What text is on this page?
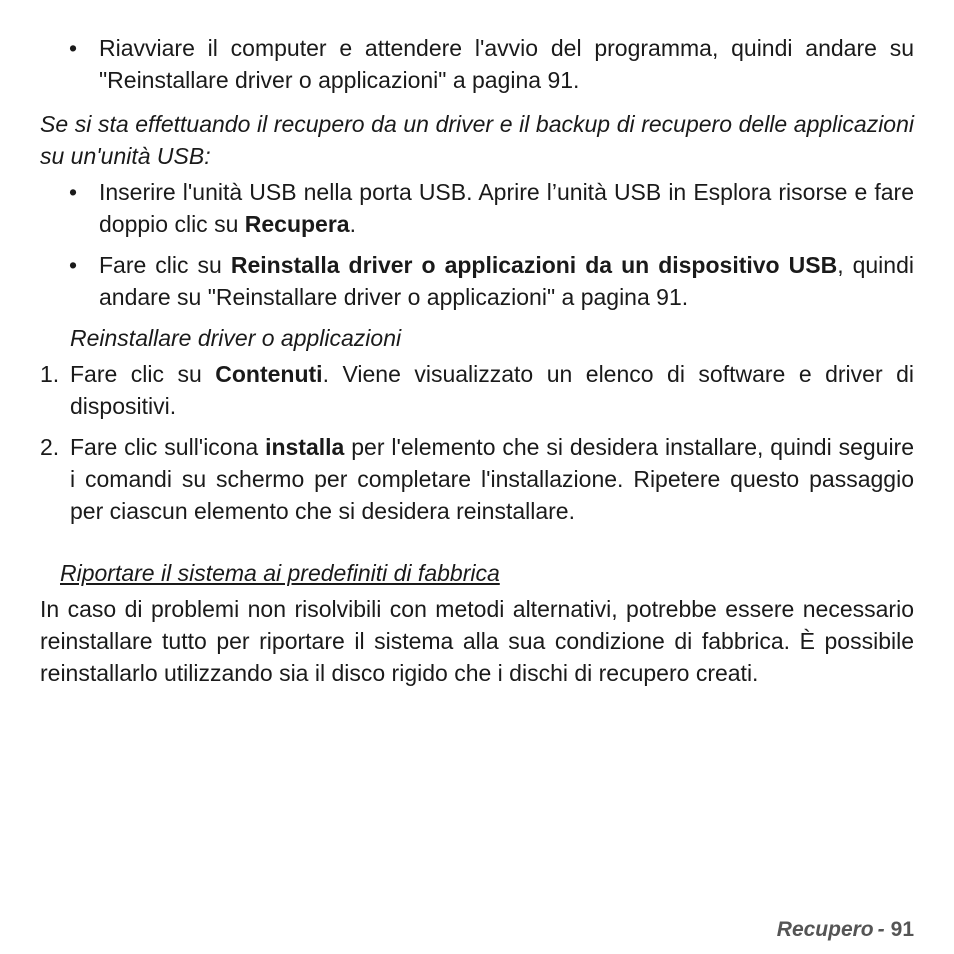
• Riavviare il computer e attendere l'avvio del programma, quindi andare su "Reinstallare driver o applicazioni" a pagina 91.
Se si sta effettuando il recupero da un driver e il backup di recupero delle applicazioni su un'unità USB:
• Inserire l'unità USB nella porta USB. Aprire l’unità USB in Esplora risorse e fare doppio clic su Recupera.
• Fare clic su Reinstalla driver o applicazioni da un dispositivo USB, quindi andare su "Reinstallare driver o applicazioni" a pagina 91.
Reinstallare driver o applicazioni
1. Fare clic su Contenuti. Viene visualizzato un elenco di software e driver di dispositivi.
2. Fare clic sull'icona installa per l'elemento che si desidera installare, quindi seguire i comandi su schermo per completare l'installazione. Ripetere questo passaggio per ciascun elemento che si desidera reinstallare.
Riportare il sistema ai predefiniti di fabbrica
In caso di problemi non risolvibili con metodi alternativi, potrebbe essere necessario reinstallare tutto per riportare il sistema alla sua condizione di fabbrica. È possibile reinstallarlo utilizzando sia il disco rigido che i dischi di recupero creati.
Recupero - 91
